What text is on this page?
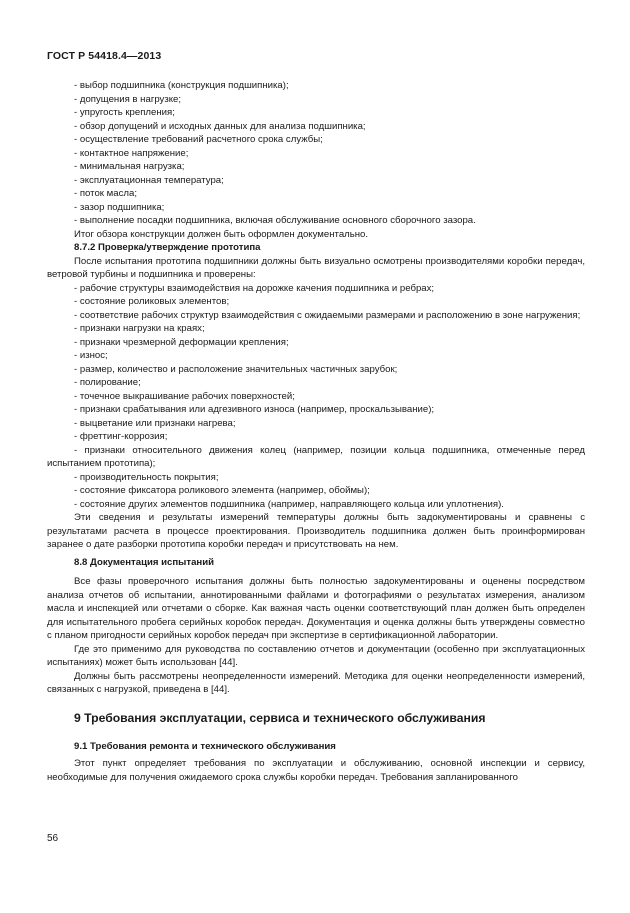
ГОСТ Р 54418.4—2013
- выбор подшипника (конструкция подшипника);
- допущения в нагрузке;
- упругость крепления;
- обзор допущений и исходных данных для анализа подшипника;
- осуществление требований расчетного срока службы;
- контактное напряжение;
- минимальная нагрузка;
- эксплуатационная температура;
- поток масла;
- зазор подшипника;
- выполнение посадки подшипника, включая обслуживание основного сборочного зазора.

Итог обзора конструкции должен быть оформлен документально.

8.7.2 Проверка/утверждение прототипа

После испытания прототипа подшипники должны быть визуально осмотрены производителями коробки передач, ветровой турбины и подшипника и проверены:

- рабочие структуры взаимодействия на дорожке качения подшипника и ребрах;
- состояние роликовых элементов;
- соответствие рабочих структур взаимодействия с ожидаемыми размерами и расположению в зоне нагружения;
- признаки нагрузки на краях;
- признаки чрезмерной деформации крепления;
- износ;
- размер, количество и расположение значительных частичных зарубок;
- полирование;
- точечное выкрашивание рабочих поверхностей;
- признаки срабатывания или адгезивного износа (например, проскальзывание);
- выцветание или признаки нагрева;
- фреттинг-коррозия;
- признаки относительного движения колец (например, позиции кольца подшипника, отмеченные перед испытанием прототипа);
- производительность покрытия;
- состояние фиксатора роликового элемента (например, обоймы);
- состояние других элементов подшипника (например, направляющего кольца или уплотнения).

Эти сведения и результаты измерений температуры должны быть задокументированы и сравнены с результатами расчета в процессе проектирования. Производитель подшипника должен быть проинформирован заранее о дате разборки прототипа коробки передач и присутствовать на нем.

8.8 Документация испытаний

Все фазы проверочного испытания должны быть полностью задокументированы и оценены посредством анализа отчетов об испытании, аннотированными файлами и фотографиями о результатах измерения, анализом масла и инспекцией или отчетами о сборке. Как важная часть оценки соответствующий план должен быть определен для испытательного пробега серийных коробок передач. Документация и оценка должны быть утверждены совместно с планом пригодности серийных коробок передач при экспертизе в сертификационной лаборатории.

Где это применимо для руководства по составлению отчетов и документации (особенно при эксплуатационных испытаниях) может быть использован [44].

Должны быть рассмотрены неопределенности измерений. Методика для оценки неопределенности измерений, связанных с нагрузкой, приведена в [44].

9 Требования эксплуатации, сервиса и технического обслуживания
9.1 Требования ремонта и технического обслуживания

Этот пункт определяет требования по эксплуатации и обслуживанию, основной инспекции и сервису, необходимые для получения ожидаемого срока службы коробки передач. Требования запланированного

56
